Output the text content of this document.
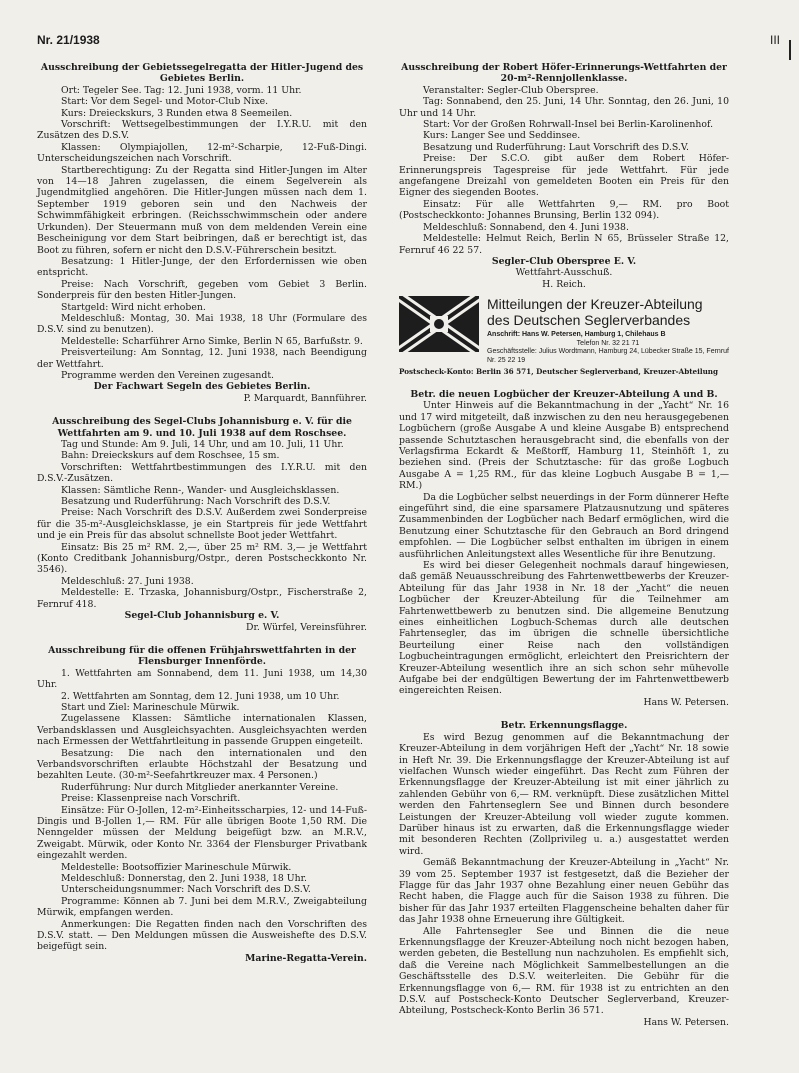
Nr. 21/1938	III

Ausschreibung der Gebietssegelregatta der Hitler-Jugend des Gebietes Berlin.

Ort: Tegeler See. Tag: 12. Juni 1938, vorm. 11 Uhr.

Start: Vor dem Segel- und Motor-Club Nixe.

Kurs: Dreieckskurs, 3 Runden etwa 8 Seemeilen.

Vorschrift: Wettsegelbestimmungen der I.Y.R.U. mit den Zusätzen des D.S.V.

Klassen: Olympiajollen, 12-m²-Scharpie, 12-Fuß-Dingi. Unterscheidungszeichen nach Vorschrift.

Startberechtigung: Zu der Regatta sind Hitler-Jungen im Alter von 14—18 Jahren zugelassen, die einem Segelverein als Jugendmitglied angehören. Die Hitler-Jungen müssen nach dem 1. September 1919 geboren sein und den Nachweis der Schwimmfähigkeit erbringen. (Reichsschwimmschein oder andere Urkunden). Der Steuermann muß von dem meldenden Verein eine Bescheinigung vor dem Start beibringen, daß er berechtigt ist, das Boot zu führen, sofern er nicht den D.S.V.-Führerschein besitzt.

Besatzung: 1 Hitler-Junge, der den Erfordernissen wie oben entspricht.

Preise: Nach Vorschrift, gegeben vom Gebiet 3 Berlin. Sonderpreis für den besten Hitler-Jungen.

Startgeld: Wird nicht erhoben.

Meldeschluß: Montag, 30. Mai 1938, 18 Uhr (Formulare des D.S.V. sind zu benutzen).

Meldestelle: Scharführer Arno Simke, Berlin N 65, Barfußstr. 9.

Preisverteilung: Am Sonntag, 12. Juni 1938, nach Beendigung der Wettfahrt.

Programme werden den Vereinen zugesandt.

Der Fachwart Segeln des Gebietes Berlin.

P. Marquardt, Bannführer.

Ausschreibung des Segel-Clubs Johannisburg e. V. für die Wettfahrten am 9. und 10. Juli 1938 auf dem Roschsee.

Tag und Stunde: Am 9. Juli, 14 Uhr, und am 10. Juli, 11 Uhr.

Bahn: Dreieckskurs auf dem Roschsee, 15 sm.

Vorschriften: Wettfahrtbestimmungen des I.Y.R.U. mit den D.S.V.-Zusätzen.

Klassen: Sämtliche Renn-, Wander- und Ausgleichsklassen.

Besatzung und Ruderführung: Nach Vorschrift des D.S.V.

Preise: Nach Vorschrift des D.S.V. Außerdem zwei Sonderpreise für die 35-m²-Ausgleichsklasse, je ein Startpreis für jede Wettfahrt und je ein Preis für das absolut schnellste Boot jeder Wettfahrt.

Einsatz: Bis 25 m² RM. 2,—, über 25 m² RM. 3,— je Wettfahrt (Konto Creditbank Johannisburg/Ostpr., deren Postscheckkonto Nr. 3546).

Meldeschluß: 27. Juni 1938.

Meldestelle: E. Trzaska, Johannisburg/Ostpr., Fischerstraße 2, Fernruf 418.

Segel-Club Johannisburg e. V.

Dr. Würfel, Vereinsführer.

Ausschreibung für die offenen Frühjahrswettfahrten in der Flensburger Innenförde.

1. Wettfahrten am Sonnabend, dem 11. Juni 1938, um 14,30 Uhr.

2. Wettfahrten am Sonntag, dem 12. Juni 1938, um 10 Uhr.

Start und Ziel: Marineschule Mürwik.

Zugelassene Klassen: Sämtliche internationalen Klassen, Verbandsklassen und Ausgleichsyachten. Ausgleichsyachten werden nach Ermessen der Wettfahrtleitung in passende Gruppen eingeteilt.

Besatzung: Die nach den internationalen und den Verbandsvorschriften erlaubte Höchstzahl der Besatzung und bezahlten Leute. (30-m²-Seefahrtkreuzer max. 4 Personen.)

Ruderführung: Nur durch Mitglieder anerkannter Vereine.

Preise: Klassenpreise nach Vorschrift.

Einsätze: Für O-Jollen, 12-m²-Einheitsscharpies, 12- und 14-Fuß-Dingis und B-Jollen 1,— RM. Für alle übrigen Boote 1,50 RM. Die Nenngelder müssen der Meldung beigefügt bzw. an M.R.V., Zweigabt. Mürwik, oder Konto Nr. 3364 der Flensburger Privatbank eingezahlt werden.

Meldestelle: Bootsoffizier Marineschule Mürwik.

Meldeschluß: Donnerstag, den 2. Juni 1938, 18 Uhr.

Unterscheidungsnummer: Nach Vorschrift des D.S.V.

Programme: Können ab 7. Juni bei dem M.R.V., Zweigabteilung Mürwik, empfangen werden.

Anmerkungen: Die Regatten finden nach den Vorschriften des D.S.V. statt. — Den Meldungen müssen die Ausweishefte des D.S.V. beigefügt sein.

Marine-Regatta-Verein.

Ausschreibung der Robert Höfer-Erinnerungs-Wettfahrten der 20-m²-Rennjollenklasse.

Veranstalter: Segler-Club Oberspree.

Tag: Sonnabend, den 25. Juni, 14 Uhr. Sonntag, den 26. Juni, 10 Uhr und 14 Uhr.

Start: Vor der Großen Rohrwall-Insel bei Berlin-Karolinenhof.

Kurs: Langer See und Seddinsee.

Besatzung und Ruderführung: Laut Vorschrift des D.S.V.

Preise: Der S.C.O. gibt außer dem Robert Höfer-Erinnerungspreis Tagespreise für jede Wettfahrt. Für jede angefangene Dreizahl von gemeldeten Booten ein Preis für den Eigner des siegenden Bootes.

Einsatz: Für alle Wettfahrten 9,— RM. pro Boot (Postscheckkonto: Johannes Brunsing, Berlin 132 094).

Meldeschluß: Sonnabend, den 4. Juni 1938.

Meldestelle: Helmut Reich, Berlin N 65, Brüsseler Straße 12, Fernruf 46 22 57.

Segler-Club Oberspree E. V.

Wettfahrt-Ausschuß.

H. Reich.

Mitteilungen der Kreuzer-Abteilung
des Deutschen Seglerverbandes
Anschrift: Hans W. Petersen, Hamburg 1, Chilehaus B
Telefon Nr. 32 21 71
Geschäftsstelle: Julius Wordtmann, Hamburg 24, Lübecker Straße 15, Fernruf Nr. 25 22 19

Postscheck-Konto: Berlin 36 571, Deutscher Seglerverband, Kreuzer-Abteilung

Betr. die neuen Logbücher der Kreuzer-Abteilung A und B.

Unter Hinweis auf die Bekanntmachung in der „Yacht“ Nr. 16 und 17 wird mitgeteilt, daß inzwischen zu den neu herausgegebenen Logbüchern (große Ausgabe A und kleine Ausgabe B) entsprechend passende Schutztaschen herausgebracht sind, die ebenfalls von der Verlagsfirma Eckardt & Meßtorff, Hamburg 11, Steinhöft 1, zu beziehen sind. (Preis der Schutztasche: für das große Logbuch Ausgabe A = 1,25 RM., für das kleine Logbuch Ausgabe B = 1,— RM.)

Da die Logbücher selbst neuerdings in der Form dünnerer Hefte eingeführt sind, die eine sparsamere Platzausnutzung und späteres Zusammenbinden der Logbücher nach Bedarf ermöglichen, wird die Benutzung einer Schutztasche für den Gebrauch an Bord dringend empfohlen. — Die Logbücher selbst enthalten im übrigen in einem ausführlichen Anleitungstext alles Wesentliche für ihre Benutzung.

Es wird bei dieser Gelegenheit nochmals darauf hingewiesen, daß gemäß Neuausschreibung des Fahrtenwettbewerbs der Kreuzer-Abteilung für das Jahr 1938 in Nr. 18 der „Yacht“ die neuen Logbücher der Kreuzer-Abteilung für die Teilnehmer am Fahrtenwettbewerb zu benutzen sind. Die allgemeine Benutzung eines einheitlichen Logbuch-Schemas durch alle deutschen Fahrtensegler, das im übrigen die schnelle übersichtliche Beurteilung einer Reise nach den vollständigen Logbucheintragungen ermöglicht, erleichtert den Preisrichtern der Kreuzer-Abteilung wesentlich ihre an sich schon sehr mühevolle Aufgabe bei der endgültigen Bewertung der im Fahrtenwettbewerb eingereichten Reisen.

Hans W. Petersen.

Betr. Erkennungsflagge.

Es wird Bezug genommen auf die Bekanntmachung der Kreuzer-Abteilung in dem vorjährigen Heft der „Yacht“ Nr. 18 sowie in Heft Nr. 39. Die Erkennungsflagge der Kreuzer-Abteilung ist auf vielfachen Wunsch wieder eingeführt. Das Recht zum Führen der Erkennungsflagge der Kreuzer-Abteilung ist mit einer jährlich zu zahlenden Gebühr von 6,— RM. verknüpft. Diese zusätzlichen Mittel werden den Fahrtenseglern See und Binnen durch besondere Leistungen der Kreuzer-Abteilung voll wieder zugute kommen. Darüber hinaus ist zu erwarten, daß die Erkennungsflagge wieder mit besonderen Rechten (Zollprivileg u. a.) ausgestattet werden wird.

Gemäß Bekanntmachung der Kreuzer-Abteilung in „Yacht“ Nr. 39 vom 25. September 1937 ist festgesetzt, daß die Bezieher der Flagge für das Jahr 1937 ohne Bezahlung einer neuen Gebühr das Recht haben, die Flagge auch für die Saison 1938 zu führen. Die bisher für das Jahr 1937 erteilten Flaggenscheine behalten daher für das Jahr 1938 ohne Erneuerung ihre Gültigkeit.

Alle Fahrtensegler See und Binnen die die neue Erkennungsflagge der Kreuzer-Abteilung noch nicht bezogen haben, werden gebeten, die Bestellung nun nachzuholen. Es empfiehlt sich, daß die Vereine nach Möglichkeit Sammelbestellungen an die Geschäftsstelle des D.S.V. weiterleiten. Die Gebühr für die Erkennungsflagge von 6,— RM. für 1938 ist zu entrichten an den D.S.V. auf Postscheck-Konto Deutscher Seglerverband, Kreuzer-Abteilung, Postscheck-Konto Berlin 36 571.

Hans W. Petersen.
